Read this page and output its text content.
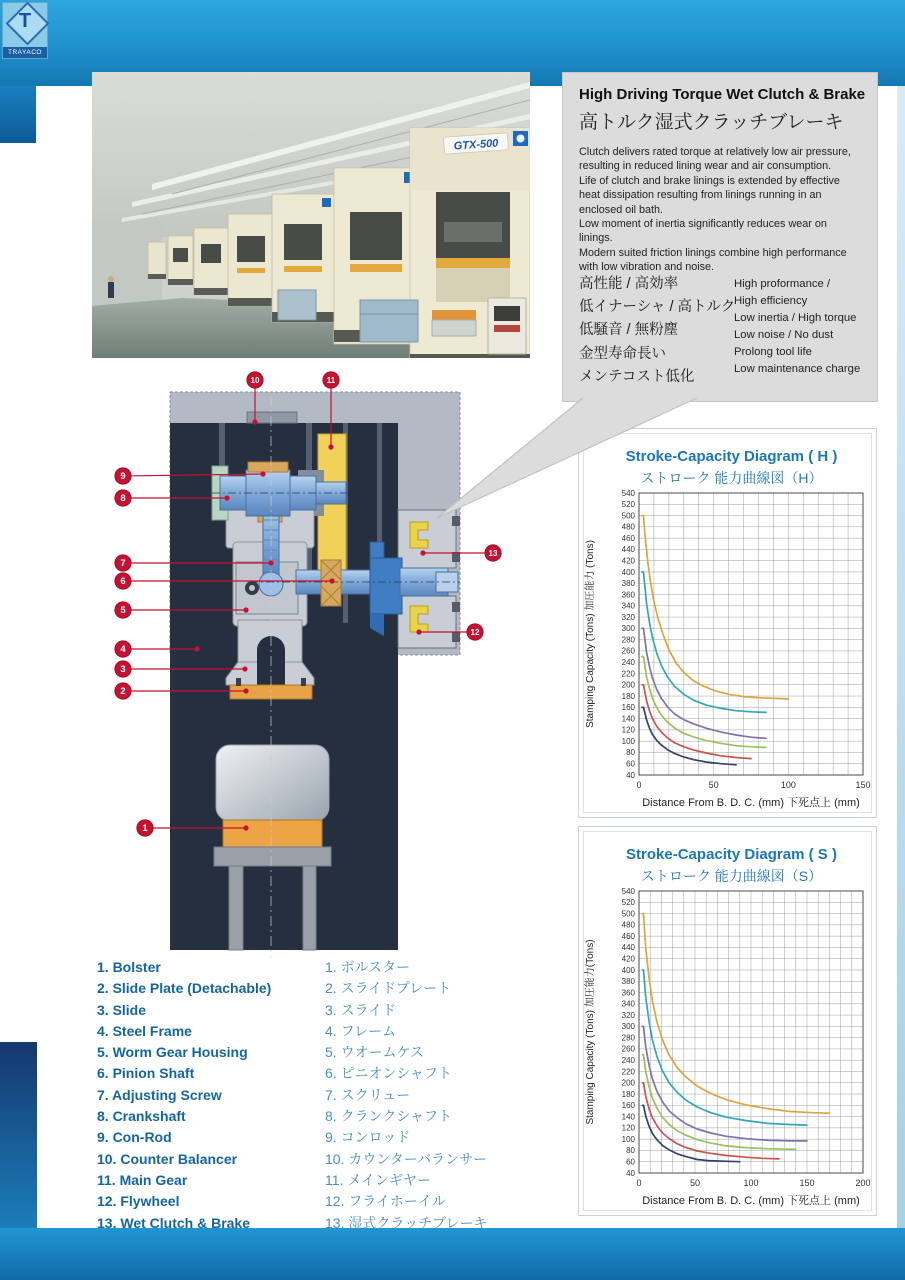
T
TRAYACO
GTX-500
1
2
3
4
5
6
7
8
9
10	11
12
13
High Driving Torque Wet Clutch & Brake
高トルク湿式クラッチブレーキ
Clutch delivers rated torque at relatively low air pressure,
resulting in reduced lining wear and air consumption.
Life of clutch and brake linings is extended by effective
heat dissipation resulting from linings running in an
enclosed oil bath.
Low moment of inertia significantly reduces wear on
linings.
Modern suited friction linings combine high performance
with low vibration and noise.
高性能 / 高効率
低イナーシャ / 高トルク
低騒音 / 無粉塵
金型寿命長い
メンテコスト低化
High proformance /
High efficiency
Low inertia / High torque
Low noise / No dust
Prolong tool life
Low maintenance charge
Stroke-Capacity Diagram ( H )
ストローク 能力曲線図（H）
40
60
80
100
120
140
160
180
200
220
240
260
280
300
320
340
360
380
400
420
440
460
480
500
520
540
0	50	100	150
Distance From B. D. C. (mm) 下死点上 (mm)
Stamping Capacity (Tons) 加圧能力 (Tons)
Stroke-Capacity Diagram ( S )
ストローク 能力曲線図（S）
40
60
80
100
120
140
160
180
200
220
240
260
280
300
320
340
360
380
400
420
440
460
480
500
520
540
0	50	100	150	200
Distance From B. D. C. (mm) 下死点上 (mm)
Stamping Capacity (Tons) 加圧能力(Tons)
1. Bolster
2. Slide Plate (Detachable)
3. Slide
4. Steel Frame
5. Worm Gear Housing
6. Pinion Shaft
7. Adjusting Screw
8. Crankshaft
9. Con-Rod
10. Counter Balancer
11. Main Gear
12. Flywheel
13. Wet Clutch & Brake
1. ボルスター
2. スライドプレート
3. スライド
4. フレーム
5. ウオームケス
6. ピニオンシャフト
7. スクリュー
8. クランクシャフト
9. コンロッド
10. カウンターバランサー
11. メインギヤー
12. フライホーイル
13. 湿式クラッチブレーキ
